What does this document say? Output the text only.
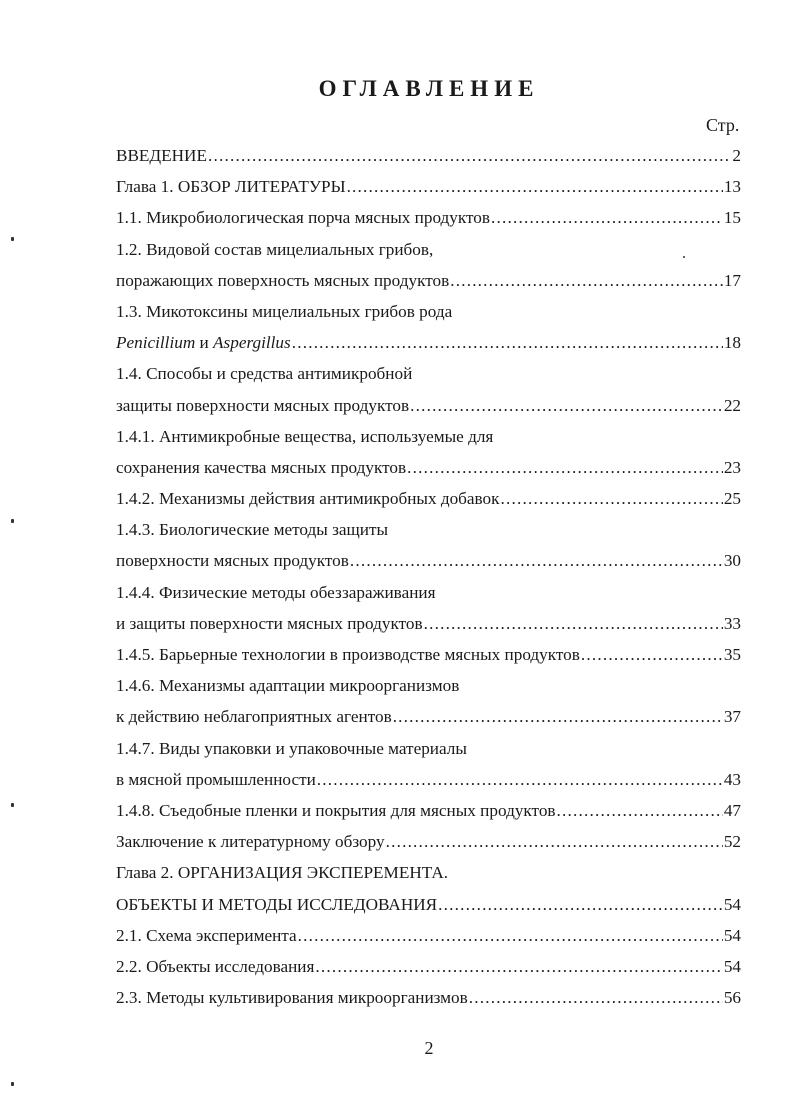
ОГЛАВЛЕНИЕ
Стр.
ВВЕДЕНИЕ .....	2
Глава 1. ОБЗОР ЛИТЕРАТУРЫ .....	13
1.1. Микробиологическая порча мясных продуктов .....	15
1.2. Видовой состав мицелиальных грибов,
поражающих поверхность мясных продуктов .....	17
1.3. Микотоксины мицелиальных грибов рода
Penicillium и Aspergillus .....	18
1.4. Способы и средства антимикробной
защиты поверхности мясных продуктов .....	22
1.4.1. Антимикробные вещества, используемые для
сохранения качества мясных продуктов .....	23
1.4.2. Механизмы действия антимикробных добавок .....	25
1.4.3. Биологические методы защиты
поверхности мясных продуктов .....	30
1.4.4. Физические методы обеззараживания
и защиты поверхности мясных продуктов .....	33
1.4.5. Барьерные технологии в производстве мясных продуктов .....	35
1.4.6. Механизмы адаптации микроорганизмов
к действию неблагоприятных агентов .....	37
1.4.7. Виды упаковки и упаковочные материалы
в мясной промышленности .....	43
1.4.8. Съедобные пленки и покрытия для мясных продуктов .....	47
Заключение к литературному обзору .....	52
Глава 2. ОРГАНИЗАЦИЯ ЭКСПЕРЕМЕНТА.
ОБЪЕКТЫ И МЕТОДЫ ИССЛЕДОВАНИЯ .....	54
2.1. Схема эксперимента .....	54
2.2. Объекты исследования .....	54
2.3. Методы культивирования микроорганизмов .....	56
2
